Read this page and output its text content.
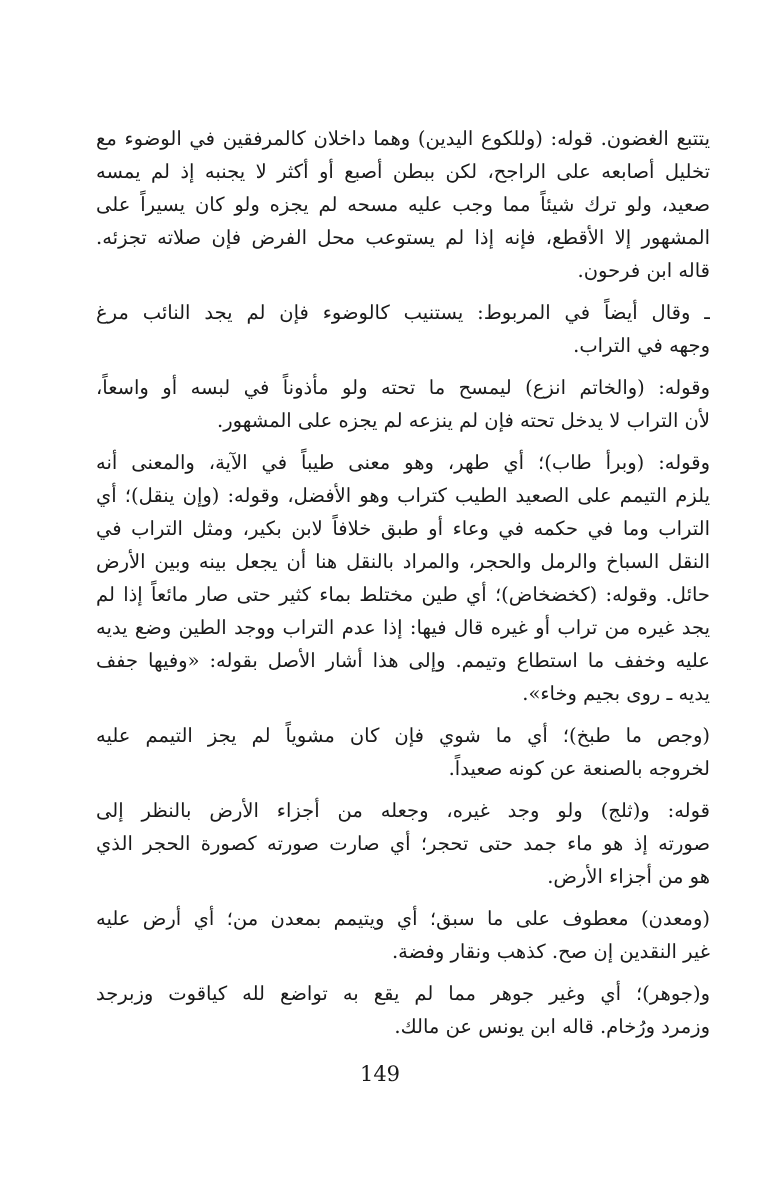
يتتبع الغضون. قوله: (وللكوع اليدين) وهما داخلان كالمرفقين في الوضوء مع
تخليل أصابعه على الراجح، لكن ببطن أصبع أو أكثر لا يجنبه إذ لم يمسه
صعيد، ولو ترك شيئاً مما وجب عليه مسحه لم يجزه ولو كان يسيراً على
المشهور إلا الأقطع، فإنه إذا لم يستوعب محل الفرض فإن صلاته تجزئه.
قاله ابن فرحون.
ـ وقال أيضاً في المربوط: يستنيب كالوضوء فإن لم يجد النائب مرغ
وجهه في التراب.
وقوله: (والخاتم انزع) ليمسح ما تحته ولو مأذوناً في لبسه أو واسعاً،
لأن التراب لا يدخل تحته فإن لم ينزعه لم يجزه على المشهور.
وقوله: (وبرأ طاب)؛ أي طهر، وهو معنى طيباً في الآية، والمعنى أنه
يلزم التيمم على الصعيد الطيب كتراب وهو الأفضل، وقوله: (وإن ينقل)؛ أي
التراب وما في حكمه في وعاء أو طبق خلافاً لابن بكير، ومثل التراب في
النقل السباخ والرمل والحجر، والمراد بالنقل هنا أن يجعل بينه وبين الأرض
حائل. وقوله: (كخضخاض)؛ أي طين مختلط بماء كثير حتى صار مائعاً إذا لم
يجد غيره من تراب أو غيره قال فيها: إذا عدم التراب ووجد الطين وضع يديه
عليه وخفف ما استطاع وتيمم. وإلى هذا أشار الأصل بقوله: «وفيها جفف
يديه ـ روى بجيم وخاء».
(وجص ما طبخ)؛ أي ما شوي فإن كان مشوياً لم يجز التيمم عليه
لخروجه بالصنعة عن كونه صعيداً.
قوله: و(ثلج) ولو وجد غيره، وجعله من أجزاء الأرض بالنظر إلى
صورته إذ هو ماء جمد حتى تحجر؛ أي صارت صورته كصورة الحجر الذي
هو من أجزاء الأرض.
(ومعدن) معطوف على ما سبق؛ أي ويتيمم بمعدن من؛ أي أرض عليه
غير النقدين إن صح. كذهب ونقار وفضة.
و(جوهر)؛ أي وغير جوهر مما لم يقع به تواضع لله كياقوت وزبرجد
وزمرد ورُخام. قاله ابن يونس عن مالك.
149
